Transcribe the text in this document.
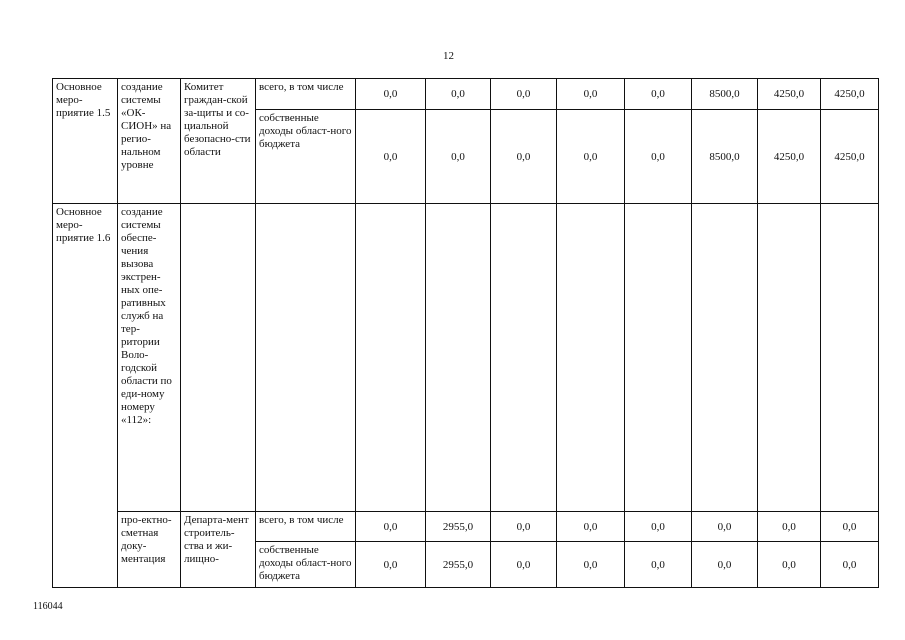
12
Основное меро-приятие 1.5	создание системы «ОК-СИОН» на регио-нальном уровне	Комитет граждан-ской за-щиты и со-циальной безопасно-сти области	всего, в том числе	0,0	0,0	0,0	0,0	0,0	8500,0	4250,0	4250,0
			собственные доходы област-ного бюджета	0,0	0,0	0,0	0,0	0,0	8500,0	4250,0	4250,0
Основное меро-приятие 1.6	создание системы обеспе-чения вызова экстрен-ных опе-ративных служб на тер-ритории Воло-годской области по еди-ному номеру «112»:										
	про-ектно-сметная доку-ментация	Департа-мент строитель-ства и жи-лищно-	всего, в том числе	0,0	2955,0	0,0	0,0	0,0	0,0	0,0	0,0
			собственные доходы област-ного бюджета	0,0	2955,0	0,0	0,0	0,0	0,0	0,0	0,0
116044
